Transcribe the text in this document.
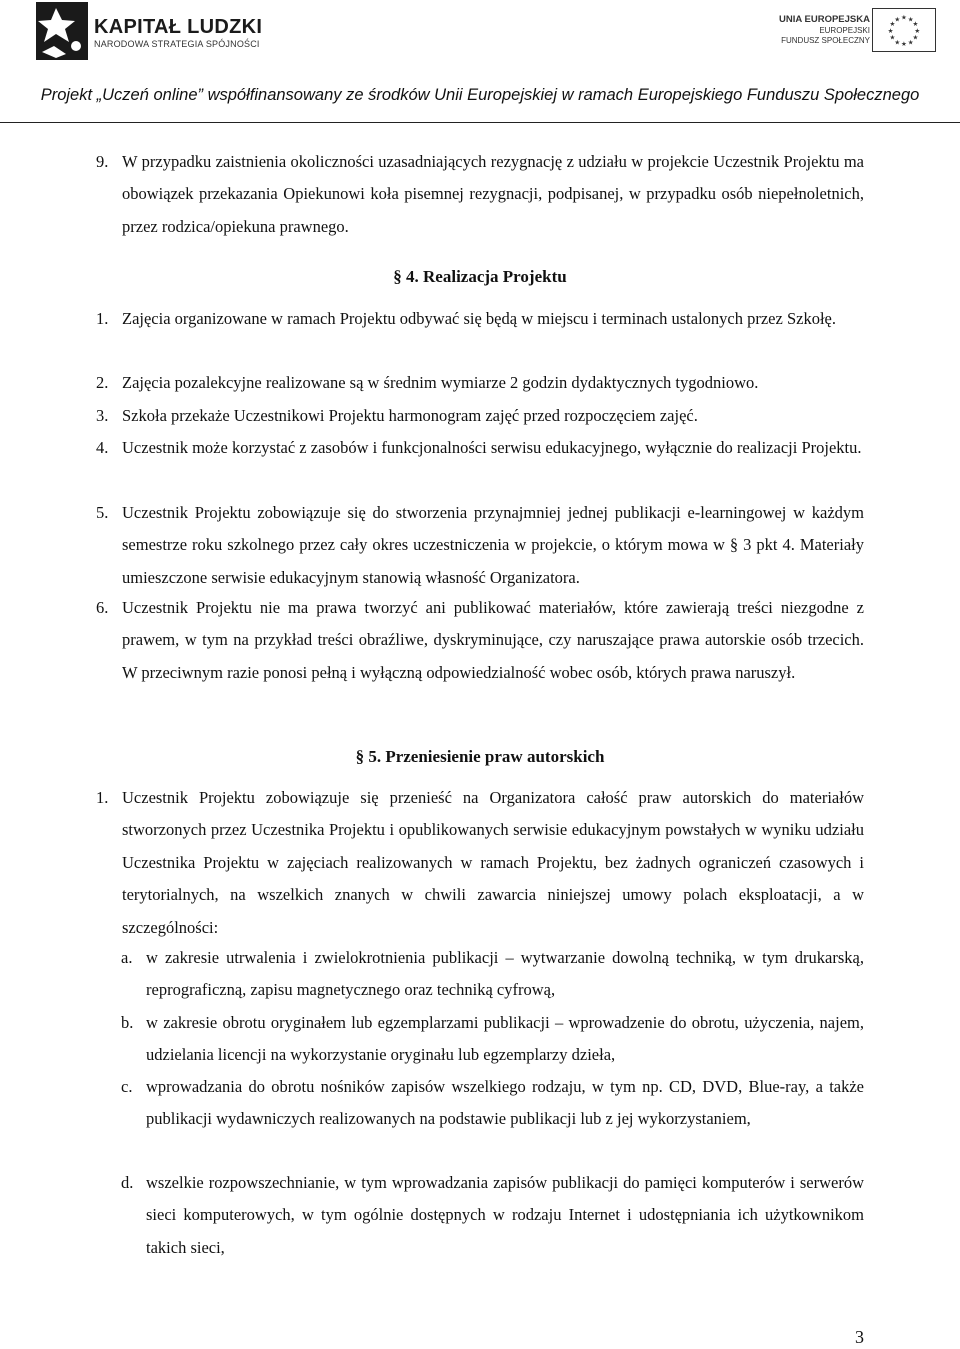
KAPITAŁ LUDZKI
NARODOWA STRATEGIA SPÓJNOŚCI
UNIA EUROPEJSKA
EUROPEJSKI
FUNDUSZ SPOŁECZNY
★ ★
★
★
★
★
★
★
★
★
★
★
Projekt „Uczeń online” współfinansowany ze środków Unii Europejskiej w ramach Europejskiego Funduszu Społecznego
9. W przypadku zaistnienia okoliczności uzasadniających rezygnację z udziału w projekcie Uczestnik Projektu ma obowiązek przekazania Opiekunowi koła pisemnej rezygnacji, podpisanej, w przypadku osób niepełnoletnich, przez rodzica/opiekuna prawnego.
§ 4. Realizacja Projektu
1. Zajęcia organizowane w ramach Projektu odbywać się będą w miejscu i terminach ustalonych przez Szkołę.
2. Zajęcia pozalekcyjne realizowane są w średnim wymiarze 2 godzin dydaktycznych tygodniowo.
3. Szkoła przekaże Uczestnikowi Projektu harmonogram zajęć przed rozpoczęciem zajęć.
4. Uczestnik może korzystać z zasobów i funkcjonalności serwisu edukacyjnego, wyłącznie do realizacji Projektu.
5. Uczestnik Projektu zobowiązuje się do stworzenia przynajmniej jednej publikacji e-learningowej w każdym semestrze roku szkolnego przez cały okres uczestniczenia w projekcie, o którym mowa w § 3 pkt 4. Materiały umieszczone serwisie edukacyjnym stanowią własność Organizatora.
6. Uczestnik Projektu nie ma prawa tworzyć ani publikować materiałów, które zawierają treści niezgodne z prawem, w tym na przykład treści obraźliwe, dyskryminujące, czy naruszające prawa autorskie osób trzecich. W przeciwnym razie ponosi pełną i wyłączną odpowiedzialność wobec osób, których prawa naruszył.
§ 5. Przeniesienie praw autorskich
1. Uczestnik Projektu zobowiązuje się przenieść na Organizatora całość praw autorskich do materiałów stworzonych przez Uczestnika Projektu i opublikowanych serwisie edukacyjnym powstałych w wyniku udziału Uczestnika Projektu w zajęciach realizowanych w ramach Projektu, bez żadnych ograniczeń czasowych i terytorialnych, na wszelkich znanych w chwili zawarcia niniejszej umowy polach eksploatacji, a w szczególności:
a. w zakresie utrwalenia i zwielokrotnienia publikacji – wytwarzanie dowolną techniką, w tym drukarską, reprograficzną, zapisu magnetycznego oraz techniką cyfrową,
b. w zakresie obrotu oryginałem lub egzemplarzami publikacji – wprowadzenie do obrotu, użyczenia, najem, udzielania licencji na wykorzystanie oryginału lub egzemplarzy dzieła,
c. wprowadzania do obrotu nośników zapisów wszelkiego rodzaju, w tym np. CD, DVD, Blue-ray, a także publikacji wydawniczych realizowanych na podstawie publikacji lub z jej wykorzystaniem,
d. wszelkie rozpowszechnianie, w tym wprowadzania zapisów publikacji do pamięci komputerów i serwerów sieci komputerowych, w tym ogólnie dostępnych w rodzaju Internet i udostępniania ich użytkownikom takich sieci,
3
